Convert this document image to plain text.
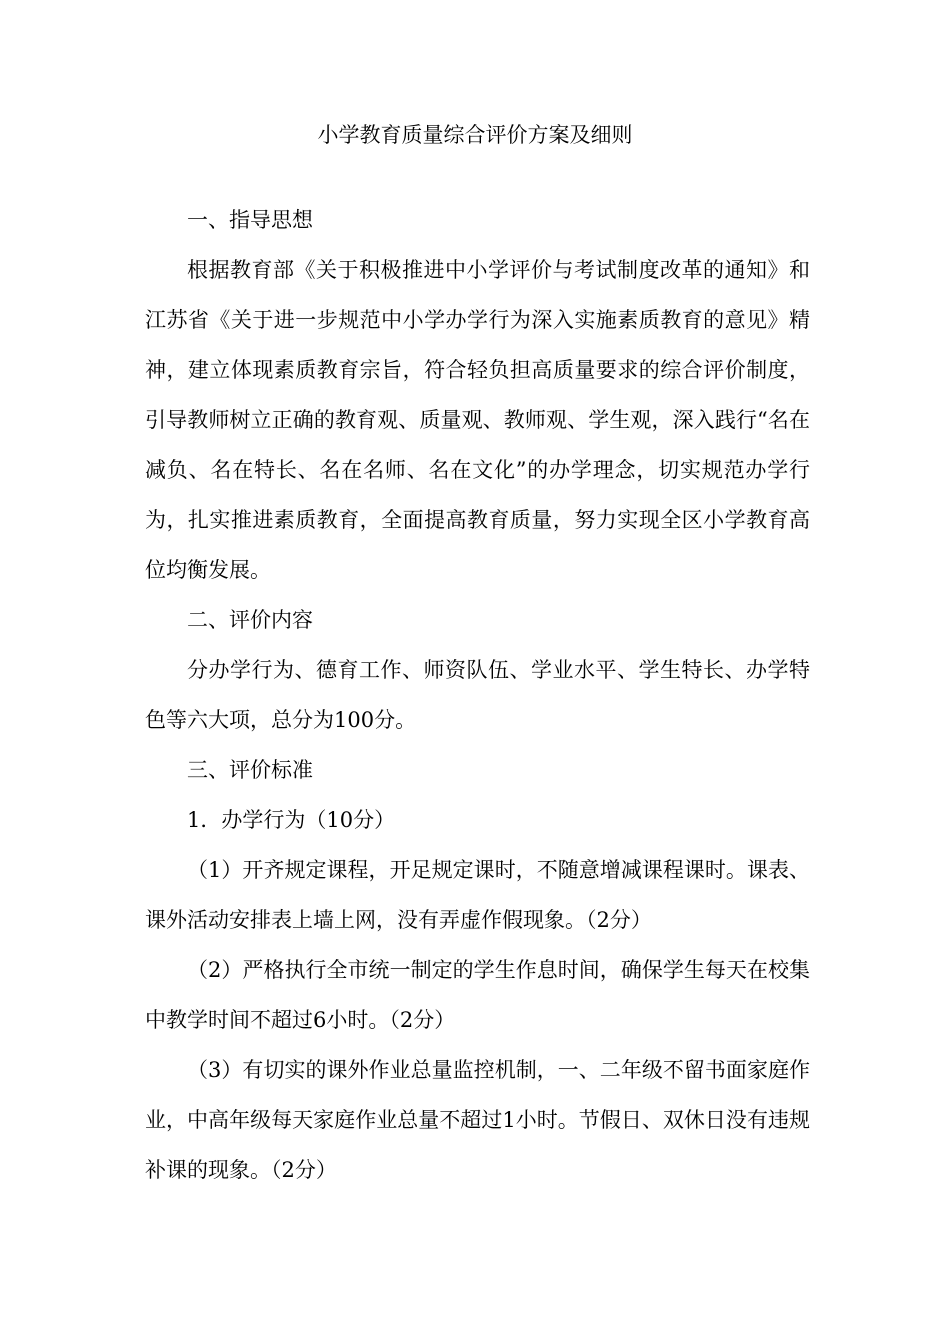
小学教育质量综合评价方案及细则

一、指导思想

根据教育部《关于积极推进中小学评价与考试制度改革的通知》和江苏省《关于进一步规范中小学办学行为深入实施素质教育的意见》精神，建立体现素质教育宗旨，符合轻负担高质量要求的综合评价制度，引导教师树立正确的教育观、质量观、教师观、学生观，深入践行“名在减负、名在特长、名在名师、名在文化”的办学理念，切实规范办学行为，扎实推进素质教育，全面提高教育质量，努力实现全区小学教育高位均衡发展。

二、评价内容

分办学行为、德育工作、师资队伍、学业水平、学生特长、办学特色等六大项，总分为100分。

三、评价标准

1．办学行为（10分）

（1）开齐规定课程，开足规定课时，不随意增减课程课时。课表、课外活动安排表上墙上网，没有弄虚作假现象。（2分）

（2）严格执行全市统一制定的学生作息时间，确保学生每天在校集中教学时间不超过6小时。（2分）

（3）有切实的课外作业总量监控机制，一、二年级不留书面家庭作业，中高年级每天家庭作业总量不超过1小时。节假日、双休日没有违规补课的现象。（2分）
